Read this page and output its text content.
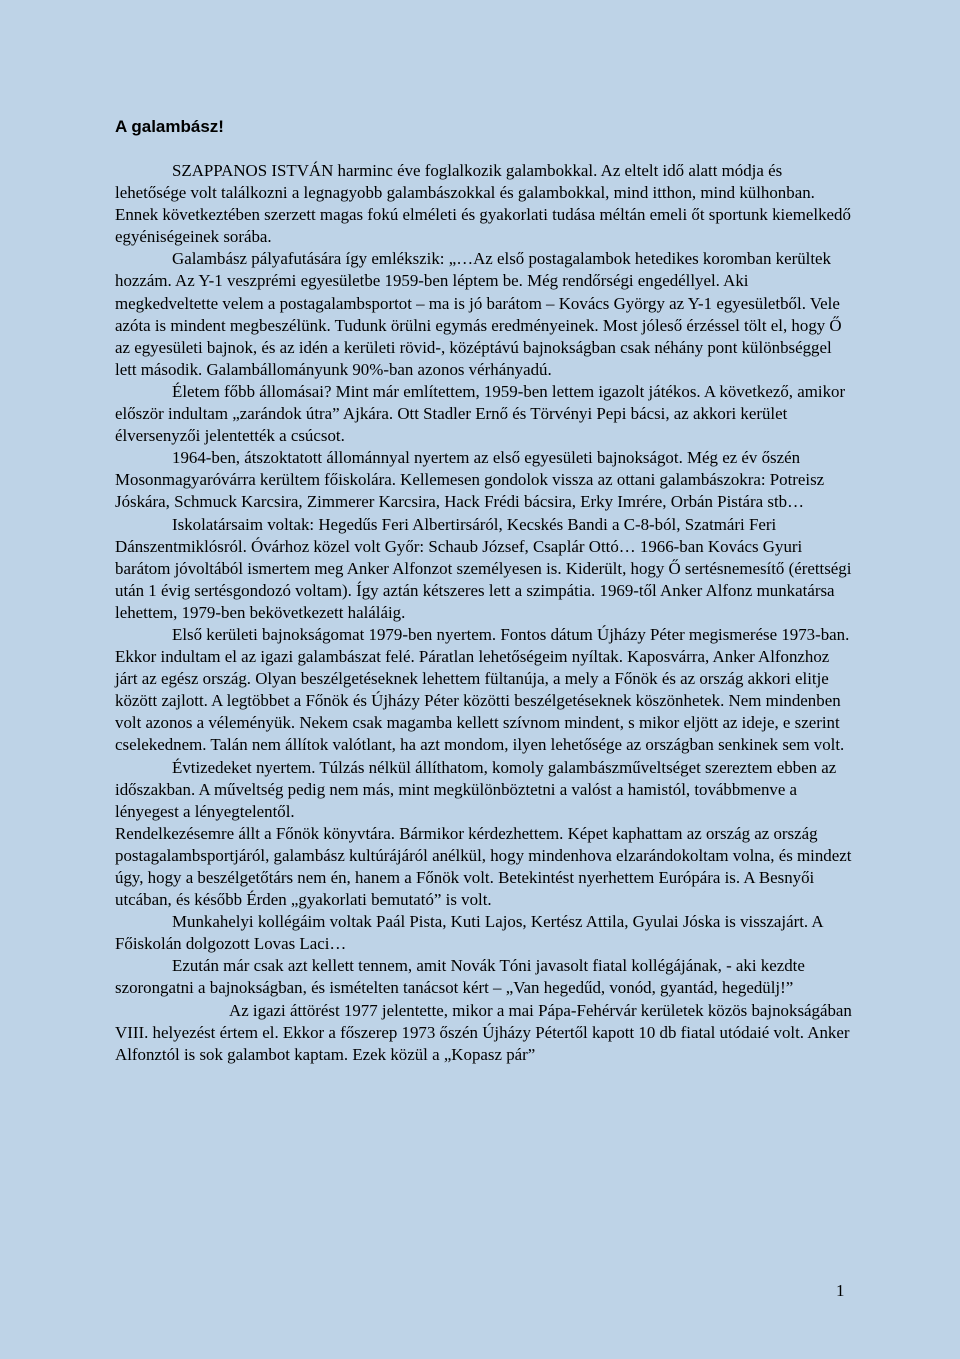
A galambász!

SZAPPANOS ISTVÁN harminc éve foglalkozik galambokkal. Az eltelt idő alatt módja és lehetősége volt találkozni a legnagyobb galambászokkal és galambokkal, mind itthon, mind külhonban. Ennek következtében szerzett magas fokú elméleti és gyakorlati tudása méltán emeli őt sportunk kiemelkedő egyéniségeinek sorába.

Galambász pályafutására így emlékszik: „…Az első postagalambok hetedikes koromban kerültek hozzám. Az Y-1 veszprémi egyesületbe 1959-ben léptem be. Még rendőrségi engedéllyel. Aki megkedveltette velem a postagalambsportot – ma is jó barátom – Kovács György az Y-1 egyesületből. Vele azóta is mindent megbeszélünk. Tudunk örülni egymás eredményeinek. Most jóleső érzéssel tölt el, hogy Ő az egyesületi bajnok, és az idén a kerületi rövid-, középtávú bajnokságban csak néhány pont különbséggel lett második. Galambállományunk 90%-ban azonos vérhányadú.

Életem főbb állomásai? Mint már említettem, 1959-ben lettem igazolt játékos. A következő, amikor először indultam „zarándok útra” Ajkára. Ott Stadler Ernő és Törvényi Pepi bácsi, az akkori kerület élversenyzői jelentették a csúcsot.

1964-ben, átszoktatott állománnyal nyertem az első egyesületi bajnokságot. Még ez év őszén Mosonmagyaróvárra kerültem főiskolára. Kellemesen gondolok vissza az ottani galambászokra: Potreisz Jóskára, Schmuck Karcsira, Zimmerer Karcsira, Hack Frédi bácsira, Erky Imrére, Orbán Pistára stb…

Iskolatársaim voltak: Hegedűs Feri Albertirsáról, Kecskés Bandi a C-8-ból, Szatmári Feri Dánszentmiklósról. Óvárhoz közel volt Győr: Schaub József, Csaplár Ottó… 1966-ban Kovács Gyuri barátom jóvoltából ismertem meg Anker Alfonzot személyesen is. Kiderült, hogy Ő sertésnemesítő (érettségi után 1 évig sertésgondozó voltam). Így aztán kétszeres lett a szimpátia. 1969-től Anker Alfonz munkatársa lehettem, 1979-ben bekövetkezett haláláig.

Első kerületi bajnokságomat 1979-ben nyertem. Fontos dátum Újházy Péter megismerése 1973-ban. Ekkor indultam el az igazi galambászat felé. Páratlan lehetőségeim nyíltak. Kaposvárra, Anker Alfonzhoz járt az egész ország. Olyan beszélgetéseknek lehettem fültanúja, a mely a Főnök és az ország akkori elitje között zajlott. A legtöbbet a Főnök és Újházy Péter közötti beszélgetéseknek köszönhetek. Nem mindenben volt azonos a véleményük. Nekem csak magamba kellett szívnom mindent, s mikor eljött az ideje, e szerint cselekednem. Talán nem állítok valótlant, ha azt mondom, ilyen lehetősége az országban senkinek sem volt.

Évtizedeket nyertem. Túlzás nélkül állíthatom, komoly galambászműveltséget szereztem ebben az időszakban. A műveltség pedig nem más, mint megkülönböztetni a valóst a hamistól, továbbmenve a lényegest a lényegtelentől.

Rendelkezésemre állt a Főnök könyvtára. Bármikor kérdezhettem. Képet kaphattam az ország az ország postagalambsportjáról, galambász kultúrájáról anélkül, hogy mindenhova elzarándokoltam volna, és mindezt úgy, hogy a beszélgetőtárs nem én, hanem a Főnök volt. Betekintést nyerhettem Európára is. A Besnyői utcában, és később Érden „gyakorlati bemutató” is volt.

Munkahelyi kollégáim voltak Paál Pista, Kuti Lajos, Kertész Attila, Gyulai Jóska is visszajárt. A Főiskolán dolgozott Lovas Laci…

Ezután már csak azt kellett tennem, amit Novák Tóni javasolt fiatal kollégájának, - aki kezdte szorongatni a bajnokságban, és ismételten tanácsot kért – „Van hegedűd, vonód, gyantád, hegedülj!”

Az igazi áttörést 1977 jelentette, mikor a mai Pápa-Fehérvár kerületek közös bajnokságában VIII. helyezést értem el. Ekkor a főszerep 1973 őszén Újházy Pétertől kapott 10 db fiatal utódaié volt. Anker Alfonztól is sok galambot kaptam. Ezek közül a „Kopasz pár”

1
